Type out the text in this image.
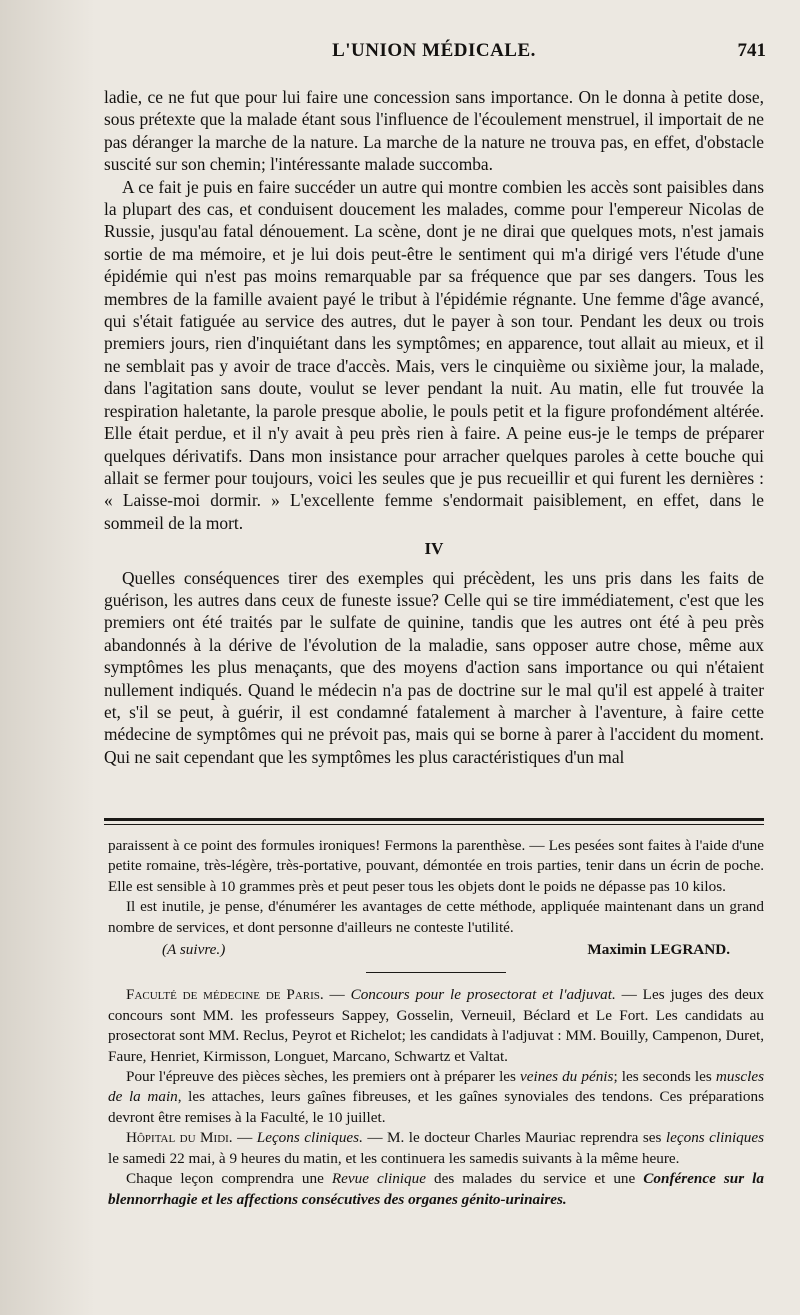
L'UNION MÉDICALE.	741

ladie, ce ne fut que pour lui faire une concession sans importance. On le donna à petite dose, sous prétexte que la malade étant sous l'influence de l'écoulement menstruel, il importait de ne pas déranger la marche de la nature. La marche de la nature ne trouva pas, en effet, d'obstacle suscité sur son chemin; l'intéressante malade succomba.

A ce fait je puis en faire succéder un autre qui montre combien les accès sont paisibles dans la plupart des cas, et conduisent doucement les malades, comme pour l'empereur Nicolas de Russie, jusqu'au fatal dénouement. La scène, dont je ne dirai que quelques mots, n'est jamais sortie de ma mémoire, et je lui dois peut-être le sentiment qui m'a dirigé vers l'étude d'une épidémie qui n'est pas moins remarquable par sa fréquence que par ses dangers. Tous les membres de la famille avaient payé le tribut à l'épidémie régnante. Une femme d'âge avancé, qui s'était fatiguée au service des autres, dut le payer à son tour. Pendant les deux ou trois premiers jours, rien d'inquiétant dans les symptômes; en apparence, tout allait au mieux, et il ne semblait pas y avoir de trace d'accès. Mais, vers le cinquième ou sixième jour, la malade, dans l'agitation sans doute, voulut se lever pendant la nuit. Au matin, elle fut trouvée la respiration haletante, la parole presque abolie, le pouls petit et la figure profondément altérée. Elle était perdue, et il n'y avait à peu près rien à faire. A peine eus-je le temps de préparer quelques dérivatifs. Dans mon insistance pour arracher quelques paroles à cette bouche qui allait se fermer pour toujours, voici les seules que je pus recueillir et qui furent les dernières : « Laisse-moi dormir. » L'excellente femme s'endormait paisiblement, en effet, dans le sommeil de la mort.

IV

Quelles conséquences tirer des exemples qui précèdent, les uns pris dans les faits de guérison, les autres dans ceux de funeste issue? Celle qui se tire immédiatement, c'est que les premiers ont été traités par le sulfate de quinine, tandis que les autres ont été à peu près abandonnés à la dérive de l'évolution de la maladie, sans opposer autre chose, même aux symptômes les plus menaçants, que des moyens d'action sans importance ou qui n'étaient nullement indiqués. Quand le médecin n'a pas de doctrine sur le mal qu'il est appelé à traiter et, s'il se peut, à guérir, il est condamné fatalement à marcher à l'aventure, à faire cette médecine de symptômes qui ne prévoit pas, mais qui se borne à parer à l'accident du moment. Qui ne sait cependant que les symptômes les plus caractéristiques d'un mal

paraissent à ce point des formules ironiques! Fermons la parenthèse. — Les pesées sont faites à l'aide d'une petite romaine, très-légère, très-portative, pouvant, démontée en trois parties, tenir dans un écrin de poche. Elle est sensible à 10 grammes près et peut peser tous les objets dont le poids ne dépasse pas 10 kilos.

Il est inutile, je pense, d'énumérer les avantages de cette méthode, appliquée maintenant dans un grand nombre de services, et dont personne d'ailleurs ne conteste l'utilité.

(A suivre.)	Maximin LEGRAND.

Faculté de médecine de Paris. — Concours pour le prosectorat et l'adjuvat. — Les juges des deux concours sont MM. les professeurs Sappey, Gosselin, Verneuil, Béclard et Le Fort. Les candidats au prosectorat sont MM. Reclus, Peyrot et Richelot; les candidats à l'adjuvat : MM. Bouilly, Campenon, Duret, Faure, Henriet, Kirmisson, Longuet, Marcano, Schwartz et Valtat.

Pour l'épreuve des pièces sèches, les premiers ont à préparer les veines du pénis; les seconds les muscles de la main, les attaches, leurs gaînes fibreuses, et les gaînes synoviales des tendons. Ces préparations devront être remises à la Faculté, le 10 juillet.

Hôpital du Midi. — Leçons cliniques. — M. le docteur Charles Mauriac reprendra ses leçons cliniques le samedi 22 mai, à 9 heures du matin, et les continuera les samedis suivants à la même heure.

Chaque leçon comprendra une Revue clinique des malades du service et une Conférence sur la blennorrhagie et les affections consécutives des organes génito-urinaires.
